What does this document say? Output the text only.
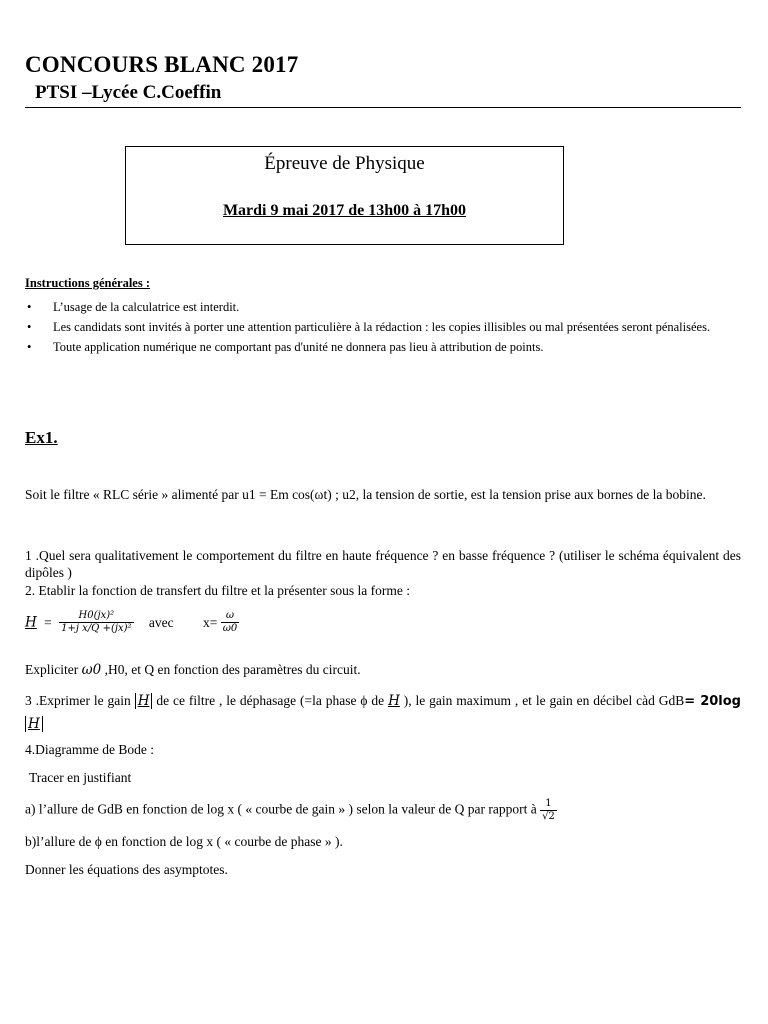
CONCOURS BLANC 2017
PTSI –Lycée C.Coeffin
Épreuve de Physique
Mardi 9 mai 2017 de 13h00 à 17h00
Instructions générales :
• L’usage de la calculatrice est interdit.
• Les candidats sont invités à porter une attention particulière à la rédaction : les copies illisibles ou mal présentées seront pénalisées.
• Toute application numérique ne comportant pas d'unité ne donnera pas lieu à attribution de points.
Ex1.
Soit le filtre « RLC série » alimenté par u1 = Em cos(ωt) ; u2, la tension de sortie, est la tension prise aux bornes de la bobine.
1 .Quel sera qualitativement le comportement du filtre en haute fréquence ? en basse fréquence ? (utiliser le schéma équivalent des dipôles )
2. Etablir la fonction de transfert du filtre et la présenter sous la forme :
$H = \frac{\text{H0(jx)²}}{\text{1+j x/Q +(jx)²}}$ avec $x= \frac{\omega}{\omega 0}$
Expliciter ω0 ,H0, et Q en fonction des paramètres du circuit.
3 .Exprimer le gain H de ce filtre , le déphasage (=la phase ϕ de H ), le gain maximum , et le gain en décibel càd GdB= 20logH
4.Diagramme de Bode :
Tracer en justifiant
a) l’allure de GdB en fonction de log x ( « courbe de gain » ) selon la valeur de Q par rapport à $\frac{1}{√2}$
b)l’allure de ϕ en fonction de log x ( « courbe de phase » ).
Donner les équations des asymptotes.
